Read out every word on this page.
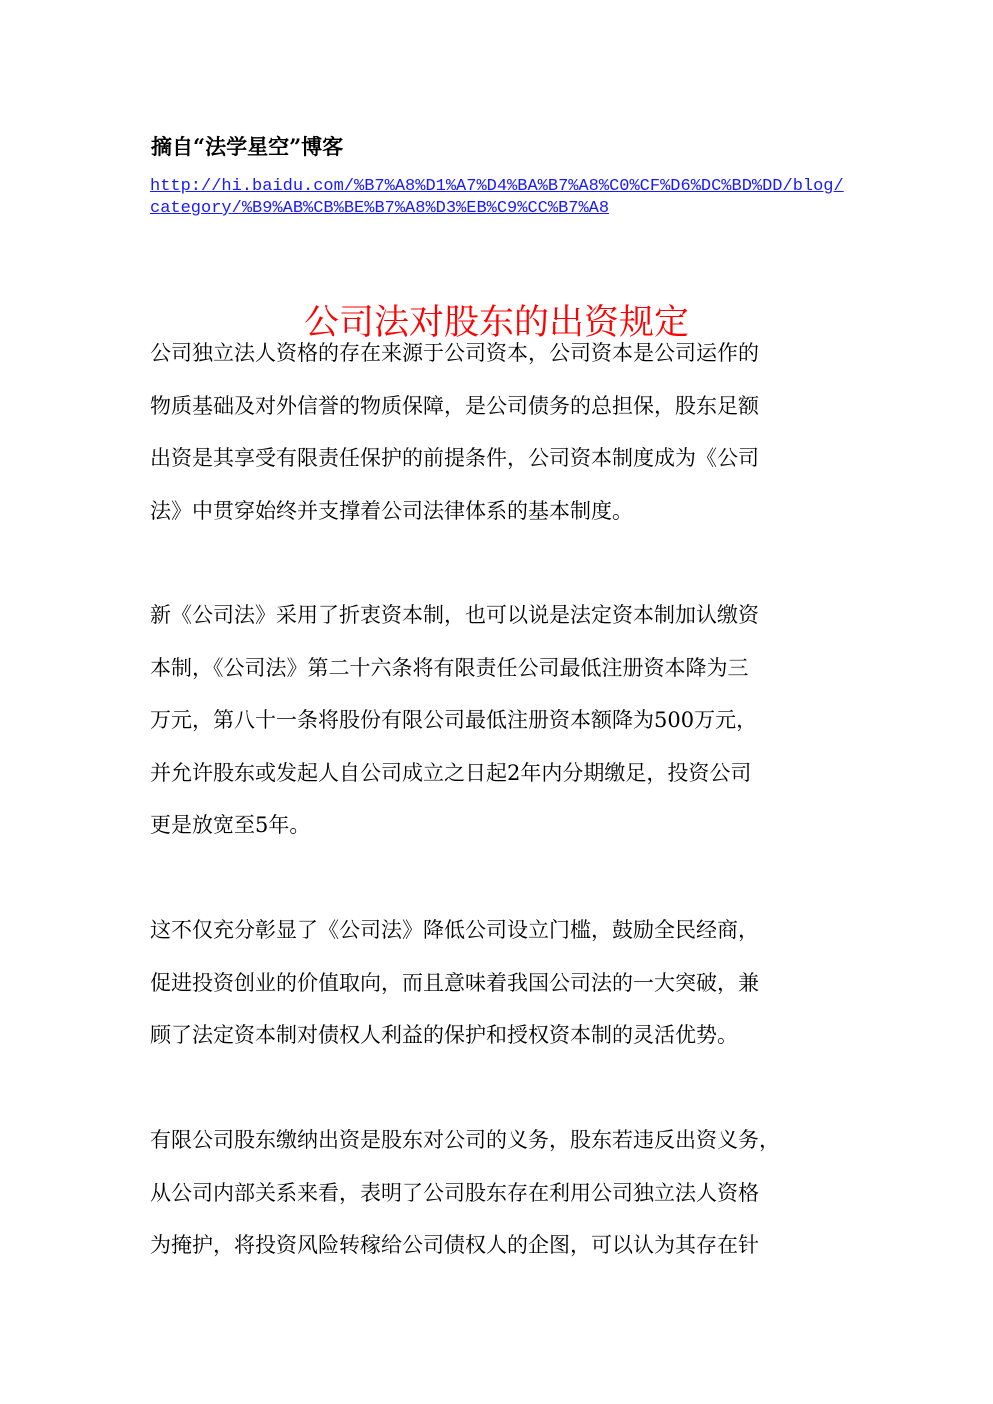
摘自“法学星空”博客
http://hi.baidu.com/%B7%A8%D1%A7%D4%BA%B7%A8%C0%CF%D6%DC%BD%DD/blog/category/%B9%AB%CB%BE%B7%A8%D3%EB%C9%CC%B7%A8
公司法对股东的出资规定

公司独立法人资格的存在来源于公司资本，公司资本是公司运作的
物质基础及对外信誉的物质保障，是公司债务的总担保，股东足额
出资是其享受有限责任保护的前提条件，公司资本制度成为《公司
法》中贯穿始终并支撑着公司法律体系的基本制度。

新《公司法》采用了折衷资本制，也可以说是法定资本制加认缴资
本制，《公司法》第二十六条将有限责任公司最低注册资本降为三
万元，第八十一条将股份有限公司最低注册资本额降为500万元，
并允许股东或发起人自公司成立之日起2年内分期缴足，投资公司
更是放宽至5年。

这不仅充分彰显了《公司法》降低公司设立门槛，鼓励全民经商，
促进投资创业的价值取向，而且意味着我国公司法的一大突破，兼
顾了法定资本制对债权人利益的保护和授权资本制的灵活优势。

有限公司股东缴纳出资是股东对公司的义务，股东若违反出资义务，
从公司内部关系来看，表明了公司股东存在利用公司独立法人资格
为掩护，将投资风险转稼给公司债权人的企图，可以认为其存在针
